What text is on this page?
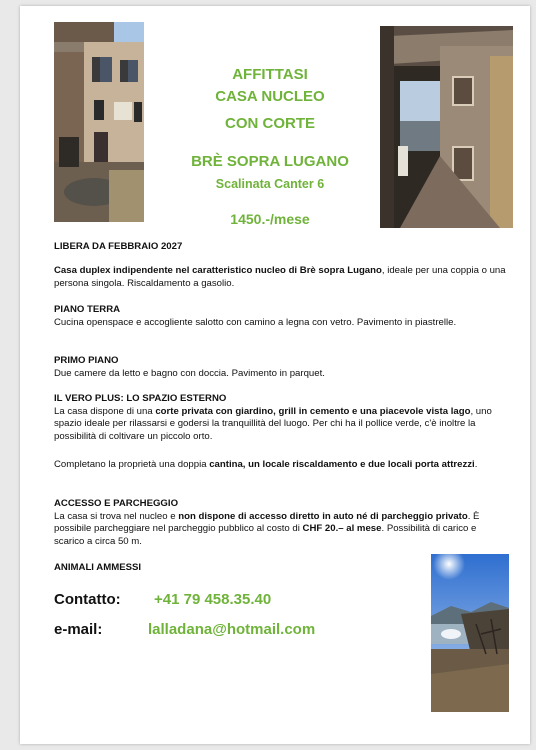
AFFITTASI
CASA NUCLEO
CON CORTE
BRÈ SOPRA LUGANO
Scalinata Canter 6
1450.-/mese
LIBERA DA FEBBRAIO 2027

Casa duplex indipendente nel caratteristico nucleo di Brè sopra Lugano, ideale per una coppia o una persona singola. Riscaldamento a gasolio.

PIANO TERRA

Cucina openspace e accogliente salotto con camino a legna con vetro. Pavimento in piastrelle.

PRIMO PIANO

Due camere da letto e bagno con doccia. Pavimento in parquet.

IL VERO PLUS: LO SPAZIO ESTERNO

La casa dispone di una corte privata con giardino, grill in cemento e una piacevole vista lago, uno spazio ideale per rilassarsi e godersi la tranquillità del luogo. Per chi ha il pollice verde, c'è inoltre la possibilità di coltivare un piccolo orto.

Completano la proprietà una doppia cantina, un locale riscaldamento e due locali porta attrezzi.

ACCESSO E PARCHEGGIO

La casa si trova nel nucleo e non dispone di accesso diretto in auto né di parcheggio privato. È possibile parcheggiare nel parcheggio pubblico al costo di CHF 20.– al mese. Possibilità di carico e scarico a circa 50 m.

ANIMALI AMMESSI
Contatto: +41 79 458.35.40
e-mail:	lalladana@hotmail.com
